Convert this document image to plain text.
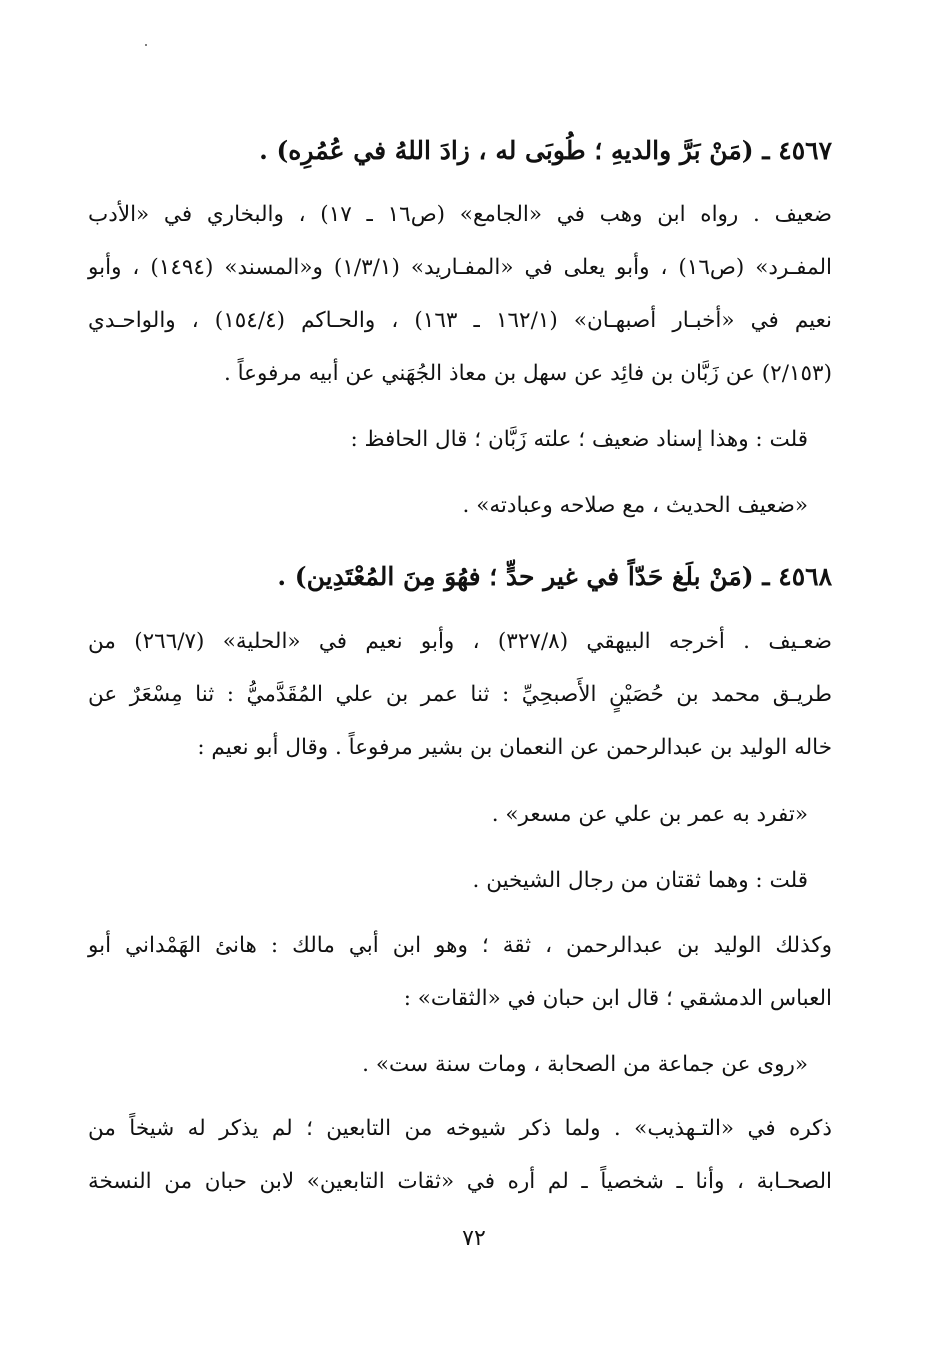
٤٥٦٧ ـ (مَنْ بَرَّ والديهِ ؛ طُوبَى له ، زادَ اللهُ في عُمُرِه) .
ضعيف . رواه ابن وهب في «الجامع» (ص١٦ ـ ١٧) ، والبخاري في «الأدب
المفـرد» (ص١٦) ، وأبو يعلى في «المفـاريد» (١/٣/١) و«المسند» (١٤٩٤) ، وأبو
نعيم في «أخبـار أصبهـان» (١٦٢/١ ـ ١٦٣) ، والحـاكم (١٥٤/٤) ، والواحـدي
(٢/١٥٣) عن زَبَّان بن فائِد عن سهل بن معاذ الجُهَني عن أبيه مرفوعاً .
قلت : وهذا إسناد ضعيف ؛ علته زَبَّان ؛ قال الحافظ :
«ضعيف الحديث ، مع صلاحه وعبادته» .
٤٥٦٨ ـ (مَنْ بلَغ حَدّاً في غير حدٍّ ؛ فهُوَ مِنَ المُعْتَدِين) .
ضعـيف . أخرجه البيهقي (٣٢٧/٨) ، وأبو نعيم في «الحلية» (٢٦٦/٧) من
طريـق محمد بن حُصَيْنٍ الأَصبحِيِّ : ثنا عمر بن علي المُقَدَّميُّ : ثنا مِسْعَرٌ عن
خاله الوليد بن عبدالرحمن عن النعمان بن بشير مرفوعاً . وقال أبو نعيم :
«تفرد به عمر بن علي عن مسعر» .
قلت : وهما ثقتان من رجال الشيخين .
وكذلك الوليد بن عبدالرحمن ، ثقة ؛ وهو ابن أبي مالك : هانئ الهَمْداني أبو
العباس الدمشقي ؛ قال ابن حبان في «الثقات» :
«روى عن جماعة من الصحابة ، ومات سنة ست» .
ذكره في «التـهذيب» . ولما ذكر شيوخه من التابعين ؛ لم يذكر له شيخاً من
الصحـابة ، وأنا ـ شخصياً ـ لم أره في «ثقات التابعين» لابن حبان من النسخة
٧٢
